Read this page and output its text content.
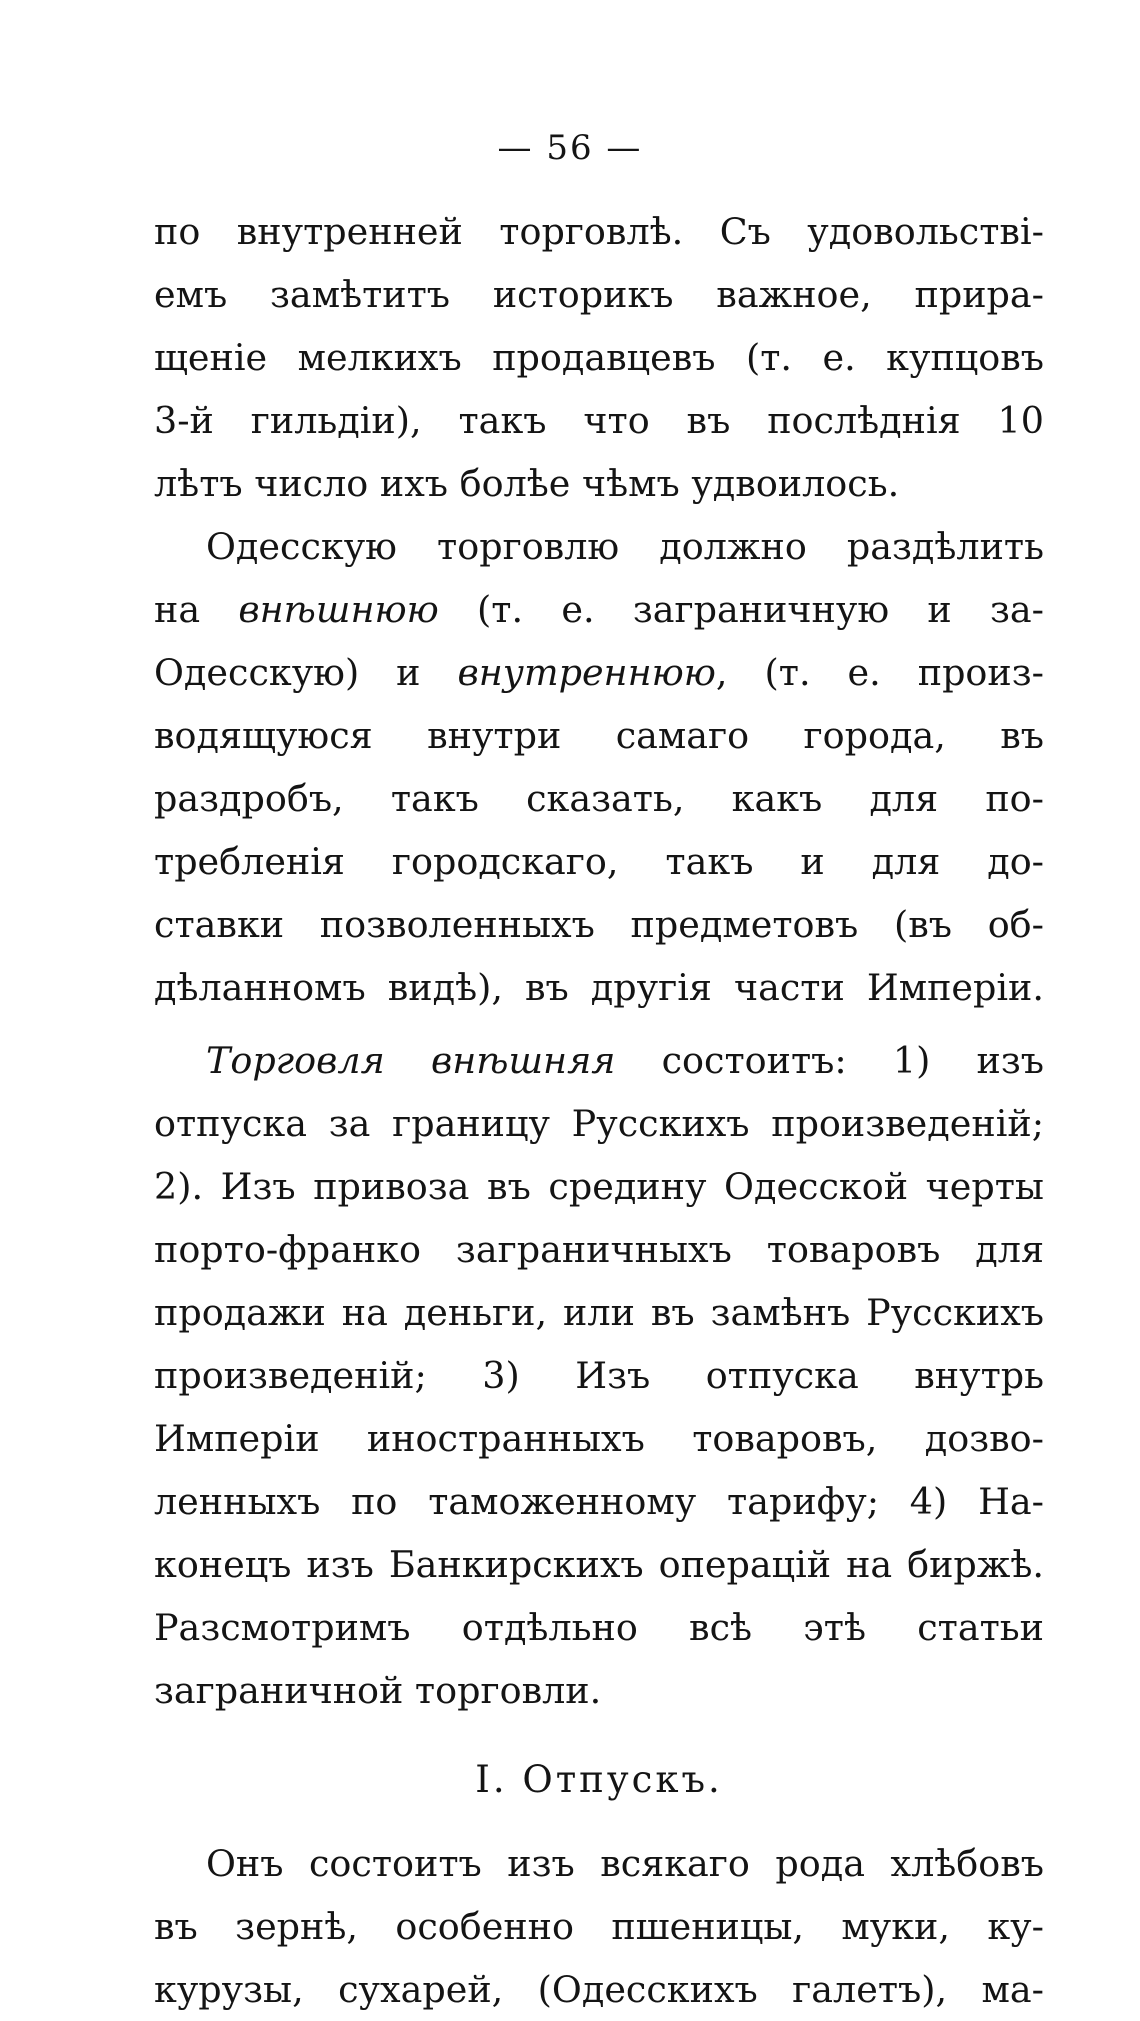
— 56 —
по внутренней торговлѣ. Съ удовольствi-
емъ замѣтитъ историкъ важное, прира-
щенiе мелкихъ продавцевъ (т. е. купцовъ
3-й гильдiи), такъ что въ послѣднiя 10
лѣтъ число ихъ болѣе чѣмъ удвоилось.
Одесскую торговлю должно раздѣлить
на внѣшнюю (т. е. заграничную и за-
Одесскую) и внутреннюю, (т. е. произ-
водящуюся внутри самаго города, въ
раздробъ, такъ сказать, какъ для по-
требленiя городскаго, такъ и для до-
ставки позволенныхъ предметовъ (въ об-
дѣланномъ видѣ), въ другiя части Имперiи.
Торговля внѣшняя состоитъ: 1) изъ
отпуска за границу Русскихъ произведенiй;
2). Изъ привоза въ средину Одесской черты
порто-франко заграничныхъ товаровъ для
продажи на деньги, или въ замѣнъ Русскихъ
произведенiй; 3) Изъ отпуска внутрь
Имперiи иностранныхъ товаровъ, дозво-
ленныхъ по таможенному тарифу; 4) На-
конецъ изъ Банкирскихъ операцiй на биржѣ.
Разсмотримъ отдѣльно всѣ этѣ статьи
заграничной торговли.
I. Отпускъ.
Онъ состоитъ изъ всякаго рода хлѣбовъ
въ зернѣ, особенно пшеницы, муки, ку-
курузы, сухарей, (Одесскихъ галетъ), ма-
